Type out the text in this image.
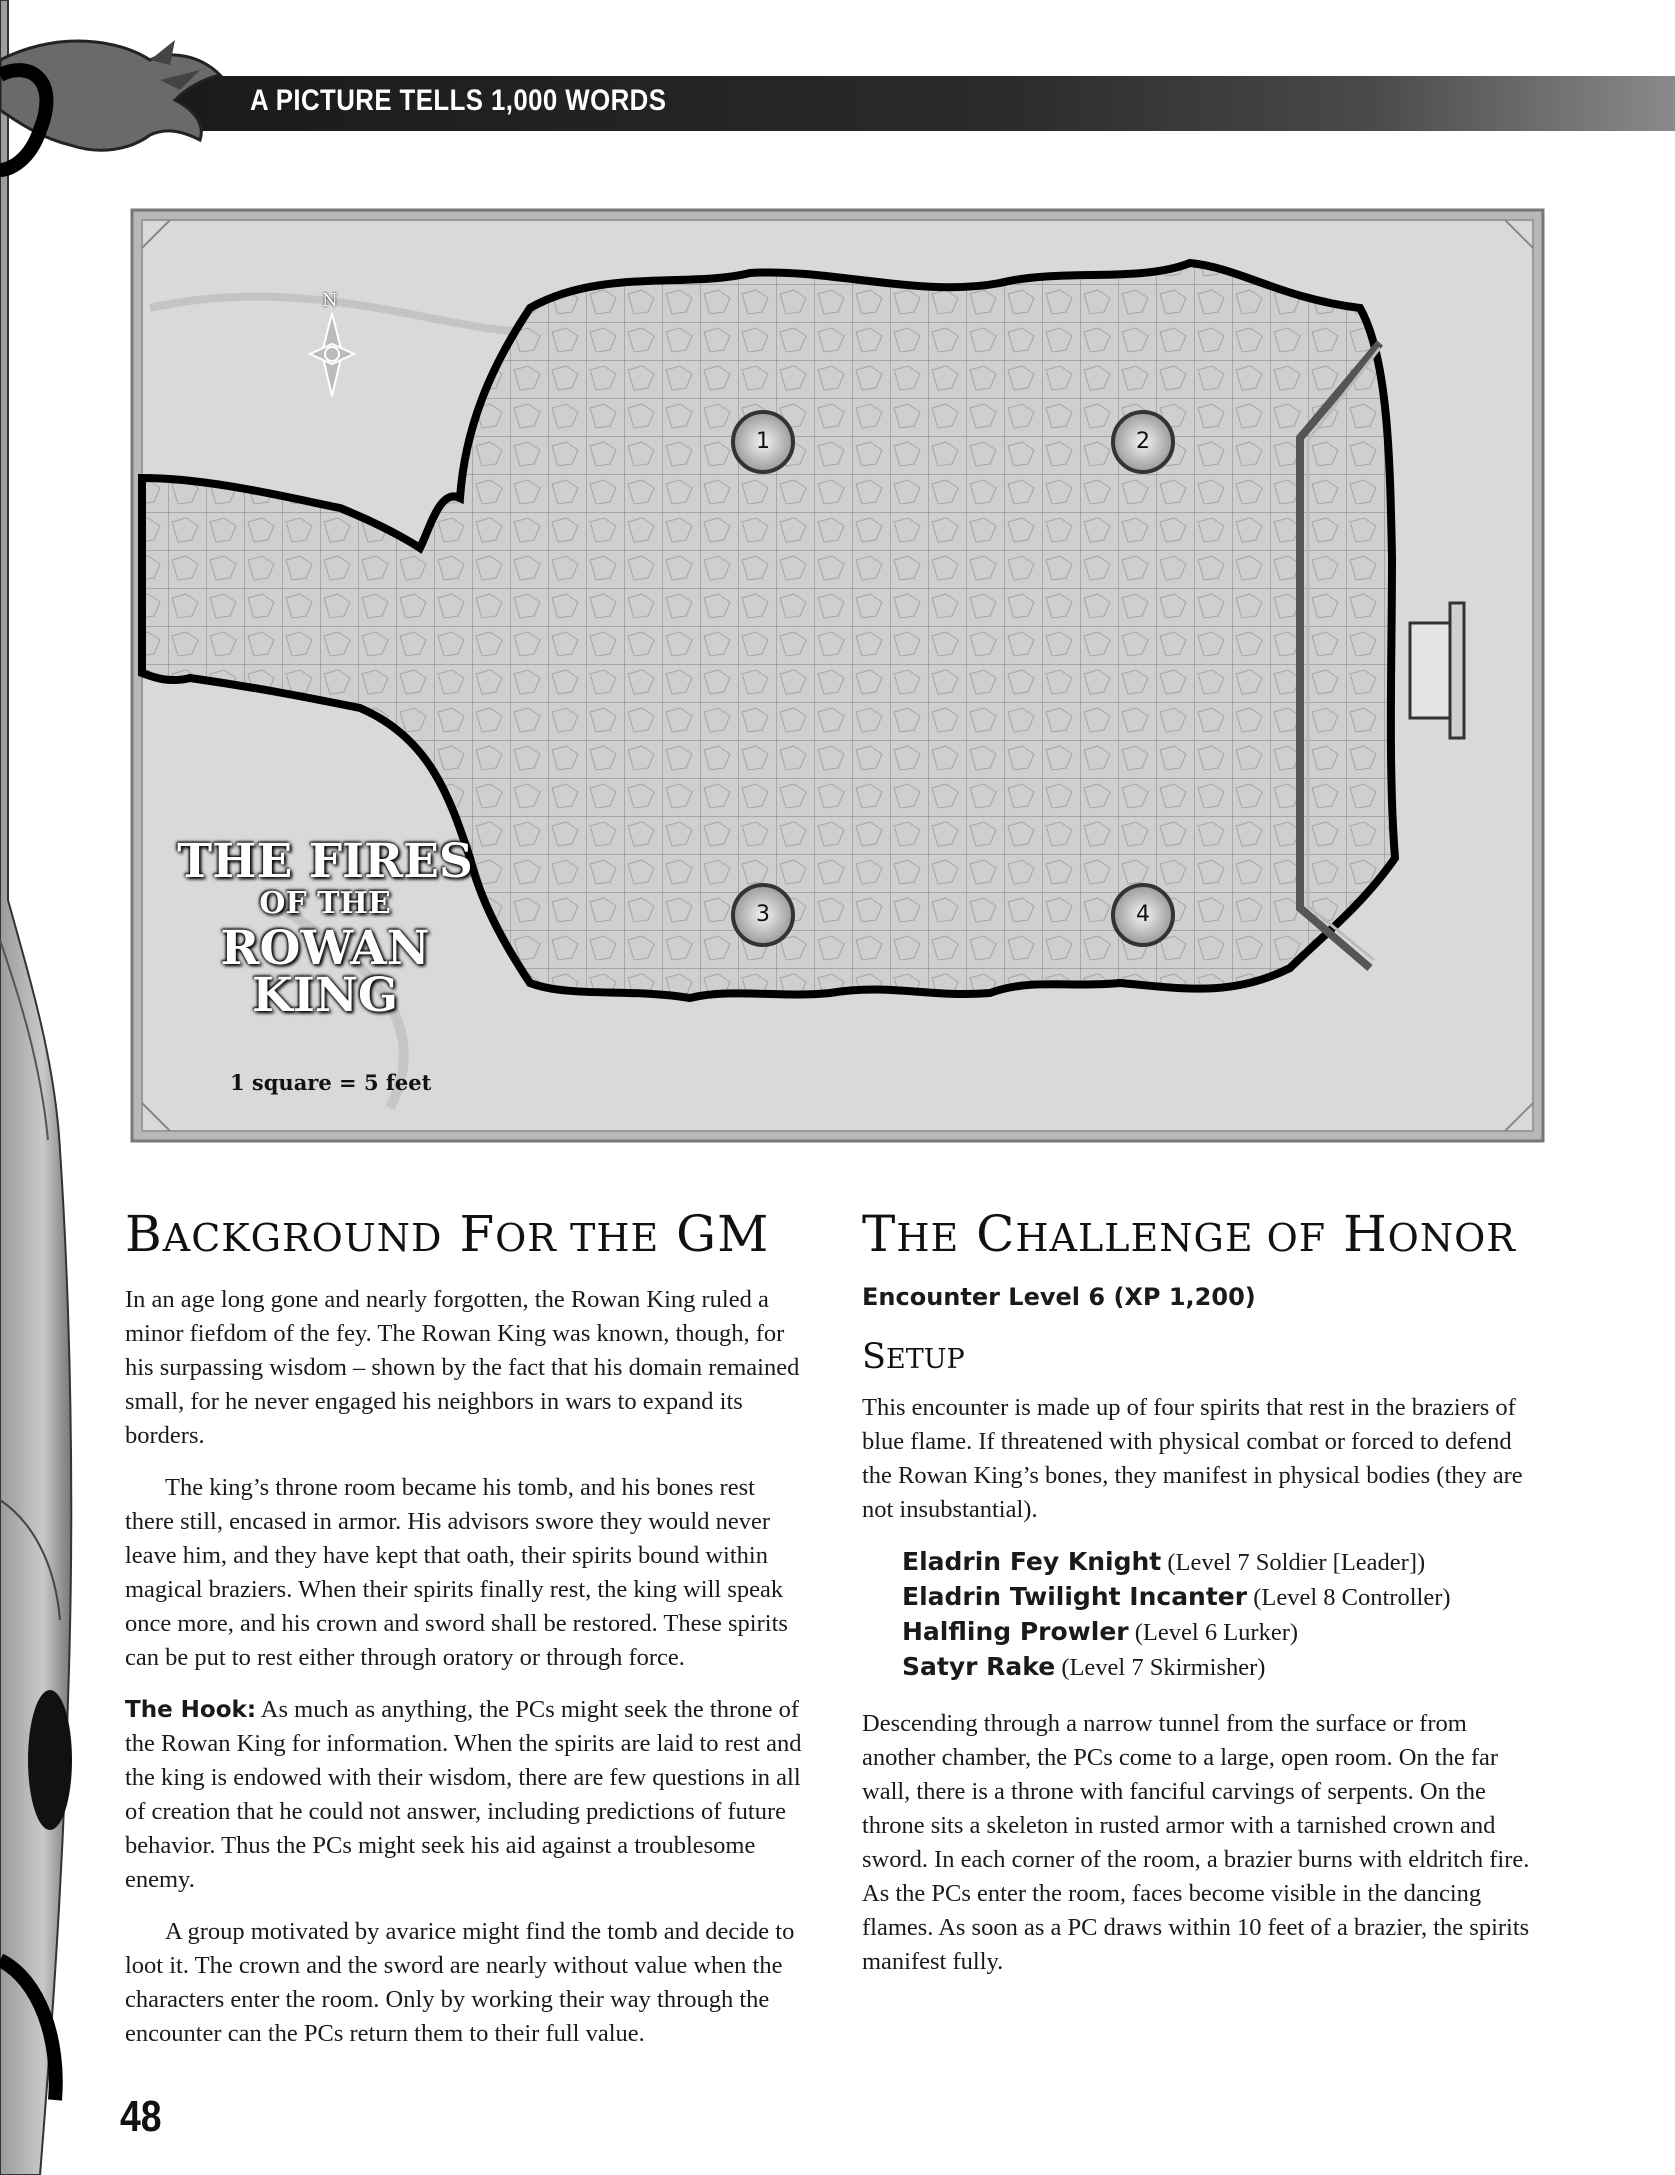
A PICTURE TELLS 1,000 WORDS
N
1	2
3	4
THE FIRES
OF THE
ROWAN
KING
1 square = 5 feet
BACKGROUND FOR THE GM

In an age long gone and nearly forgotten, the Rowan King ruled a minor fiefdom of the fey. The Rowan King was known, though, for his surpassing wisdom – shown by the fact that his domain remained small, for he never engaged his neighbors in wars to expand its borders.

The king’s throne room became his tomb, and his bones rest there still, encased in armor. His advisors swore they would never leave him, and they have kept that oath, their spirits bound within magical braziers. When their spirits finally rest, the king will speak once more, and his crown and sword shall be restored. These spirits can be put to rest either through oratory or through force.

The Hook: As much as anything, the PCs might seek the throne of the Rowan King for information. When the spirits are laid to rest and the king is endowed with their wisdom, there are few questions in all of creation that he could not answer, including predictions of future behavior. Thus the PCs might seek his aid against a troublesome enemy.

A group motivated by avarice might find the tomb and decide to loot it. The crown and the sword are nearly without value when the characters enter the room. Only by working their way through the encounter can the PCs return them to their full value.

THE CHALLENGE OF HONOR
Encounter Level 6 (XP 1,200)
SETUP

This encounter is made up of four spirits that rest in the braziers of blue flame. If threatened with physical combat or forced to defend the Rowan King’s bones, they manifest in physical bodies (they are not insubstantial).

Eladrin Fey Knight (Level 7 Soldier [Leader])
Eladrin Twilight Incanter (Level 8 Controller)
Halfling Prowler (Level 6 Lurker)
Satyr Rake (Level 7 Skirmisher)

Descending through a narrow tunnel from the surface or from another chamber, the PCs come to a large, open room. On the far wall, there is a throne with fanciful carvings of serpents. On the throne sits a skeleton in rusted armor with a tarnished crown and sword. In each corner of the room, a brazier burns with eldritch fire. As the PCs enter the room, faces become visible in the dancing flames. As soon as a PC draws within 10 feet of a brazier, the spirits manifest fully.

48
